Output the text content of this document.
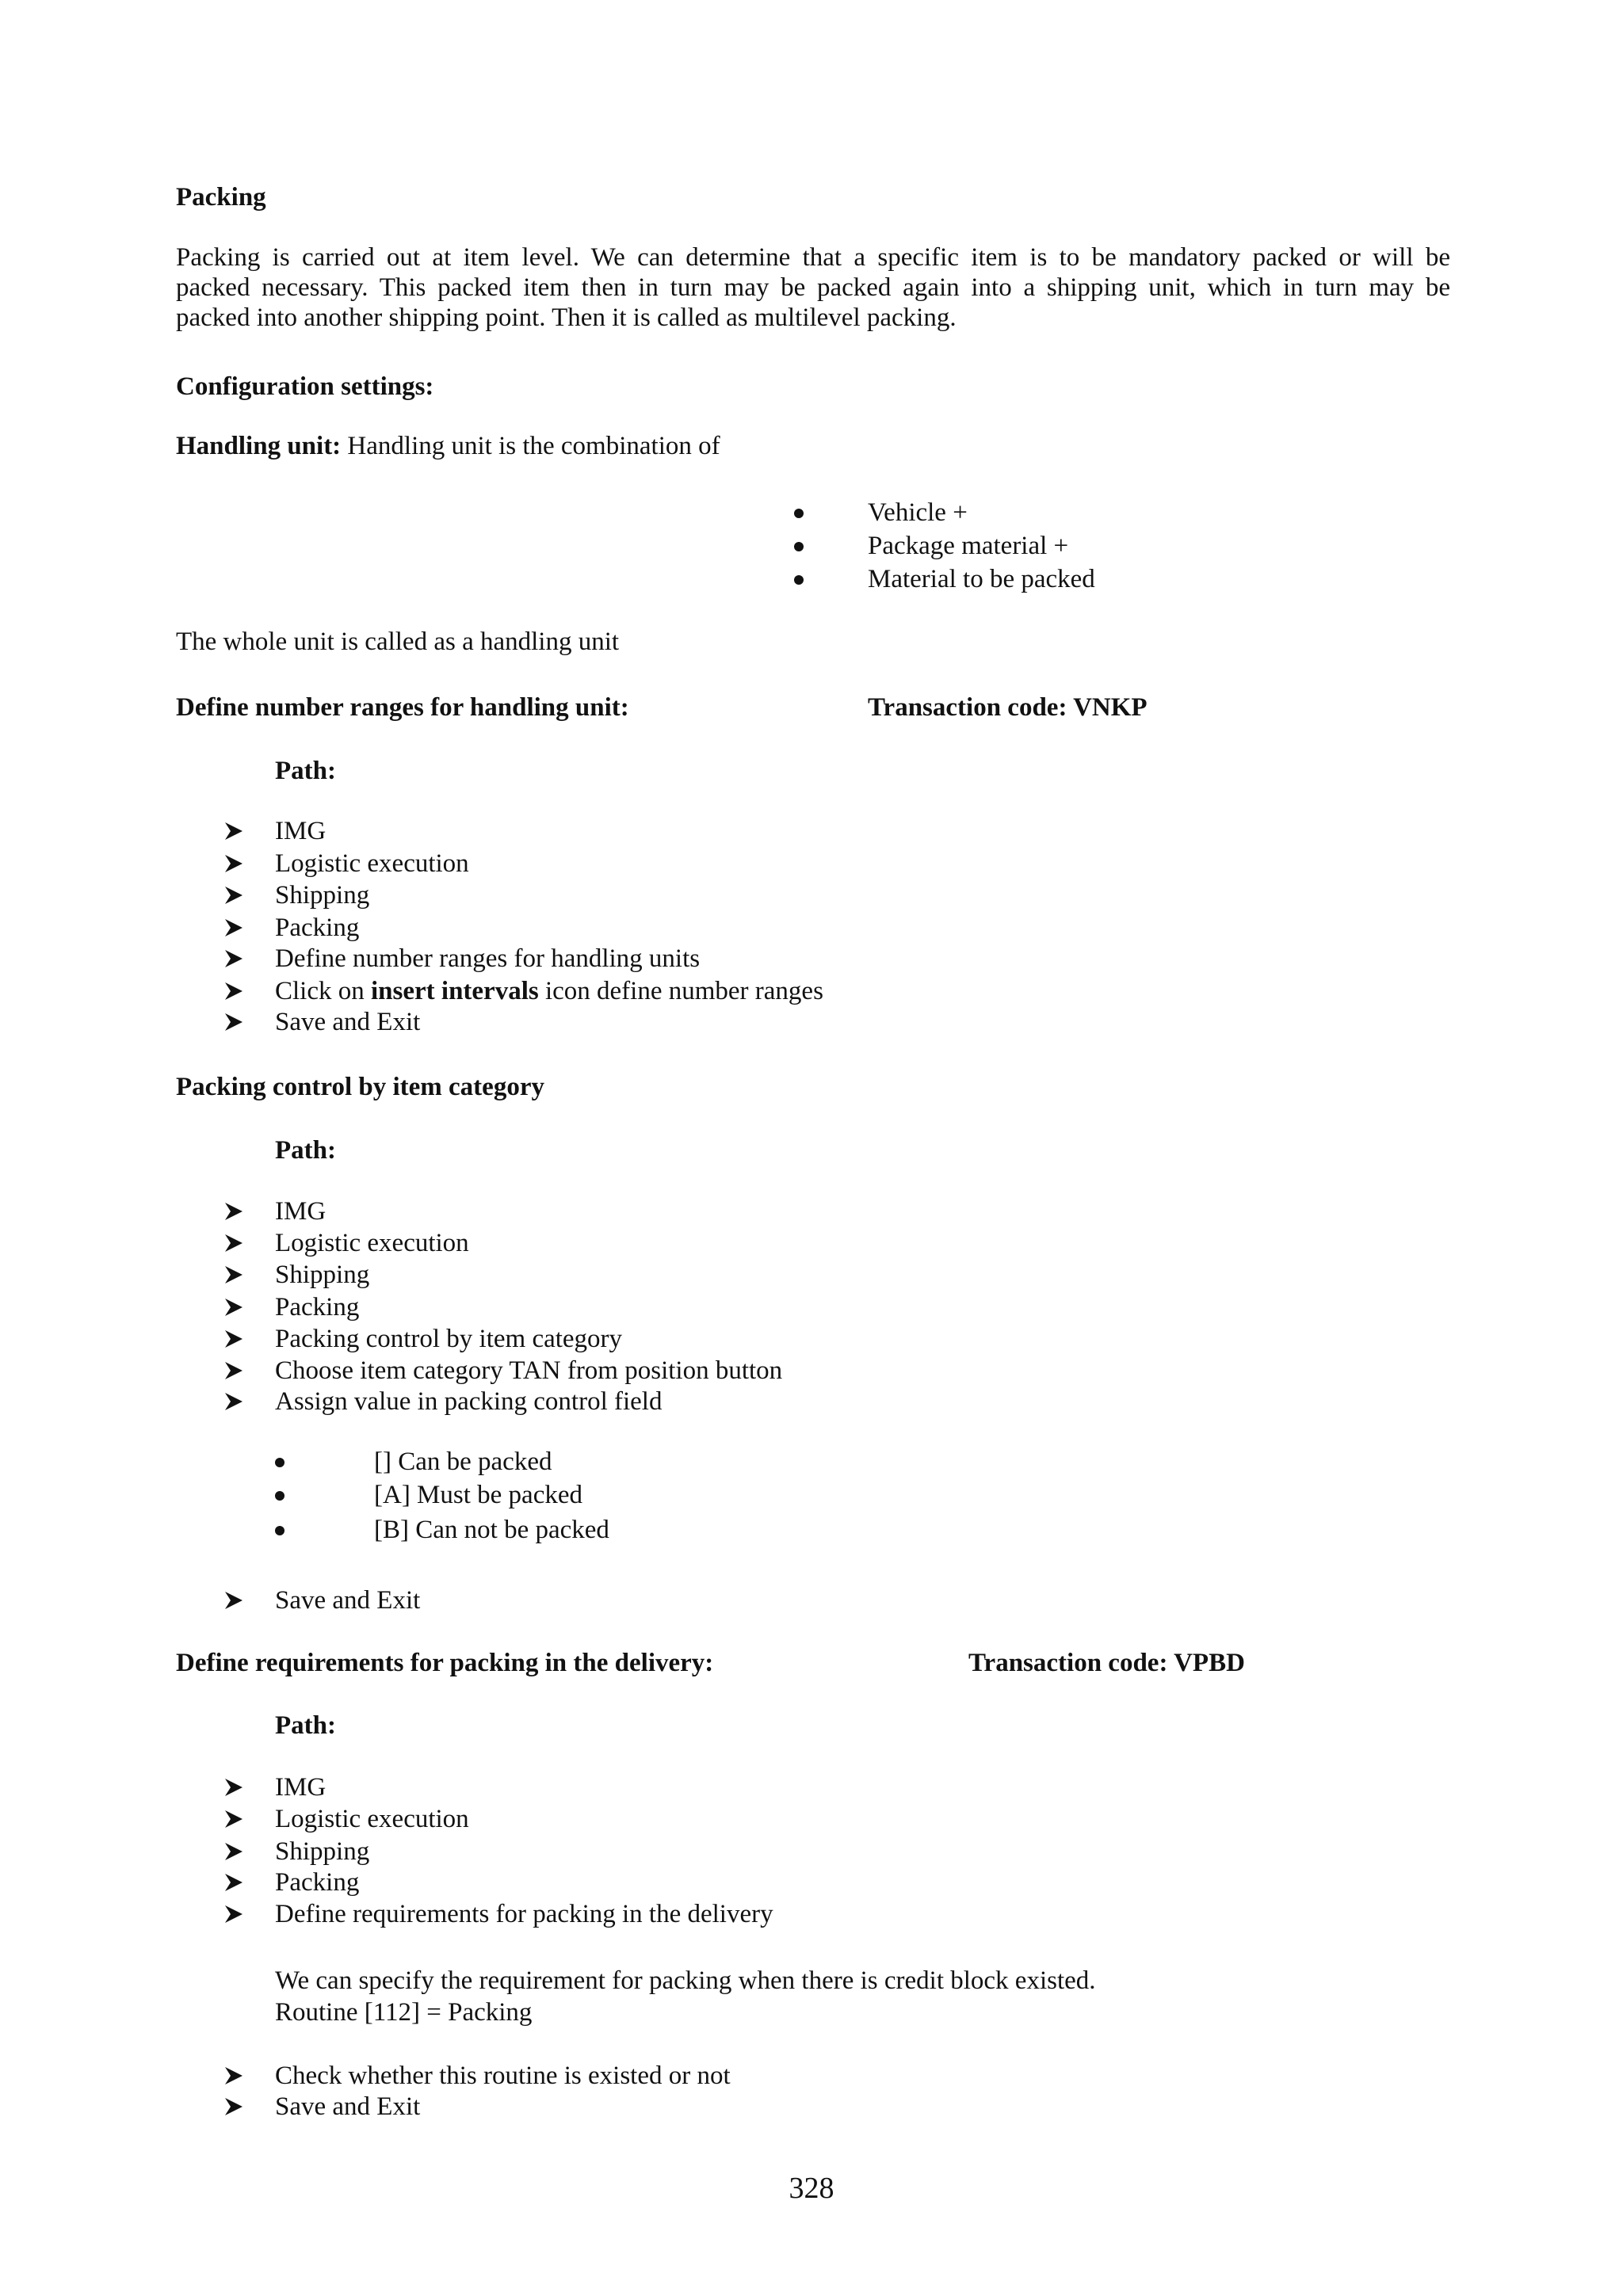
Packing
Packing is carried out at item level. We can determine that a specific item is to be mandatory packed or will be
packed necessary. This packed item then in turn may be packed again into a shipping unit, which in turn may be
packed into another shipping point. Then it is called as multilevel packing.
Configuration settings:
Handling unit: Handling unit is the combination of
Vehicle +
Package material +
Material to be packed
The whole unit is called as a handling unit
Define number ranges for handling unit:	Transaction code: VNKP
Path:
IMG
Logistic execution
Shipping
Packing
Define number ranges for handling units
Click on insert intervals icon define number ranges
Save and Exit
Packing control by item category
Path:
IMG
Logistic execution
Shipping
Packing
Packing control by item category
Choose item category TAN from position button
Assign value in packing control field
[] Can be packed
[A] Must be packed
[B] Can not be packed
Save and Exit
Define requirements for packing in the delivery:	Transaction code: VPBD
Path:
IMG
Logistic execution
Shipping
Packing
Define requirements for packing in the delivery
We can specify the requirement for packing when there is credit block existed.
Routine [112] = Packing
Check whether this routine is existed or not
Save and Exit
328
